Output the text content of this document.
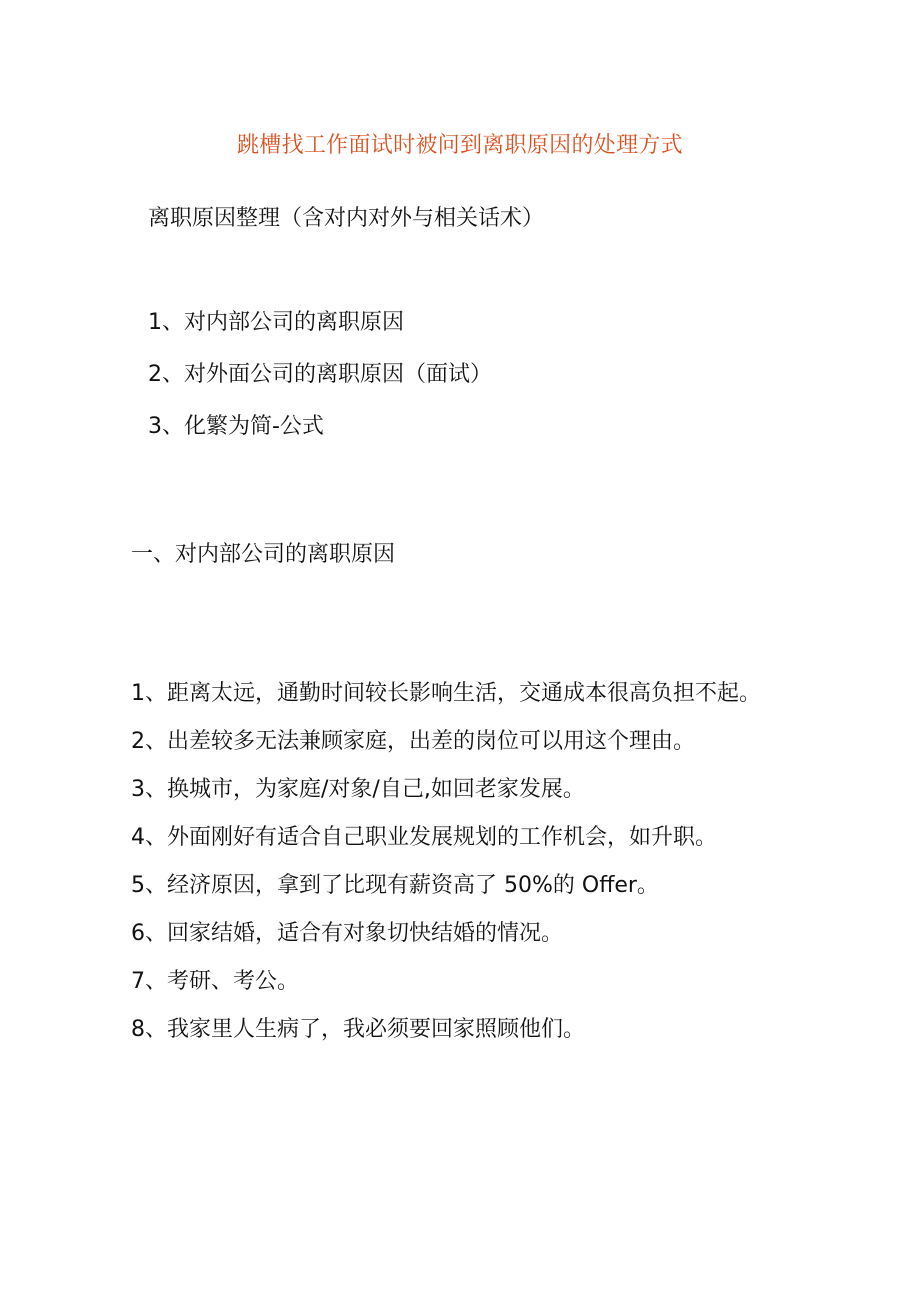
跳槽找工作面试时被问到离职原因的处理方式
离职原因整理（含对内对外与相关话术）
1、对内部公司的离职原因
2、对外面公司的离职原因（面试）
3、化繁为简-公式
一、对内部公司的离职原因
1、距离太远，通勤时间较长影响生活，交通成本很高负担不起。
2、出差较多无法兼顾家庭，出差的岗位可以用这个理由。
3、换城市，为家庭/对象/自己,如回老家发展。
4、外面刚好有适合自己职业发展规划的工作机会，如升职。
5、经济原因，拿到了比现有薪资高了 50%的 Offer。
6、回家结婚，适合有对象切快结婚的情况。
7、考研、考公。
8、我家里人生病了，我必须要回家照顾他们。
